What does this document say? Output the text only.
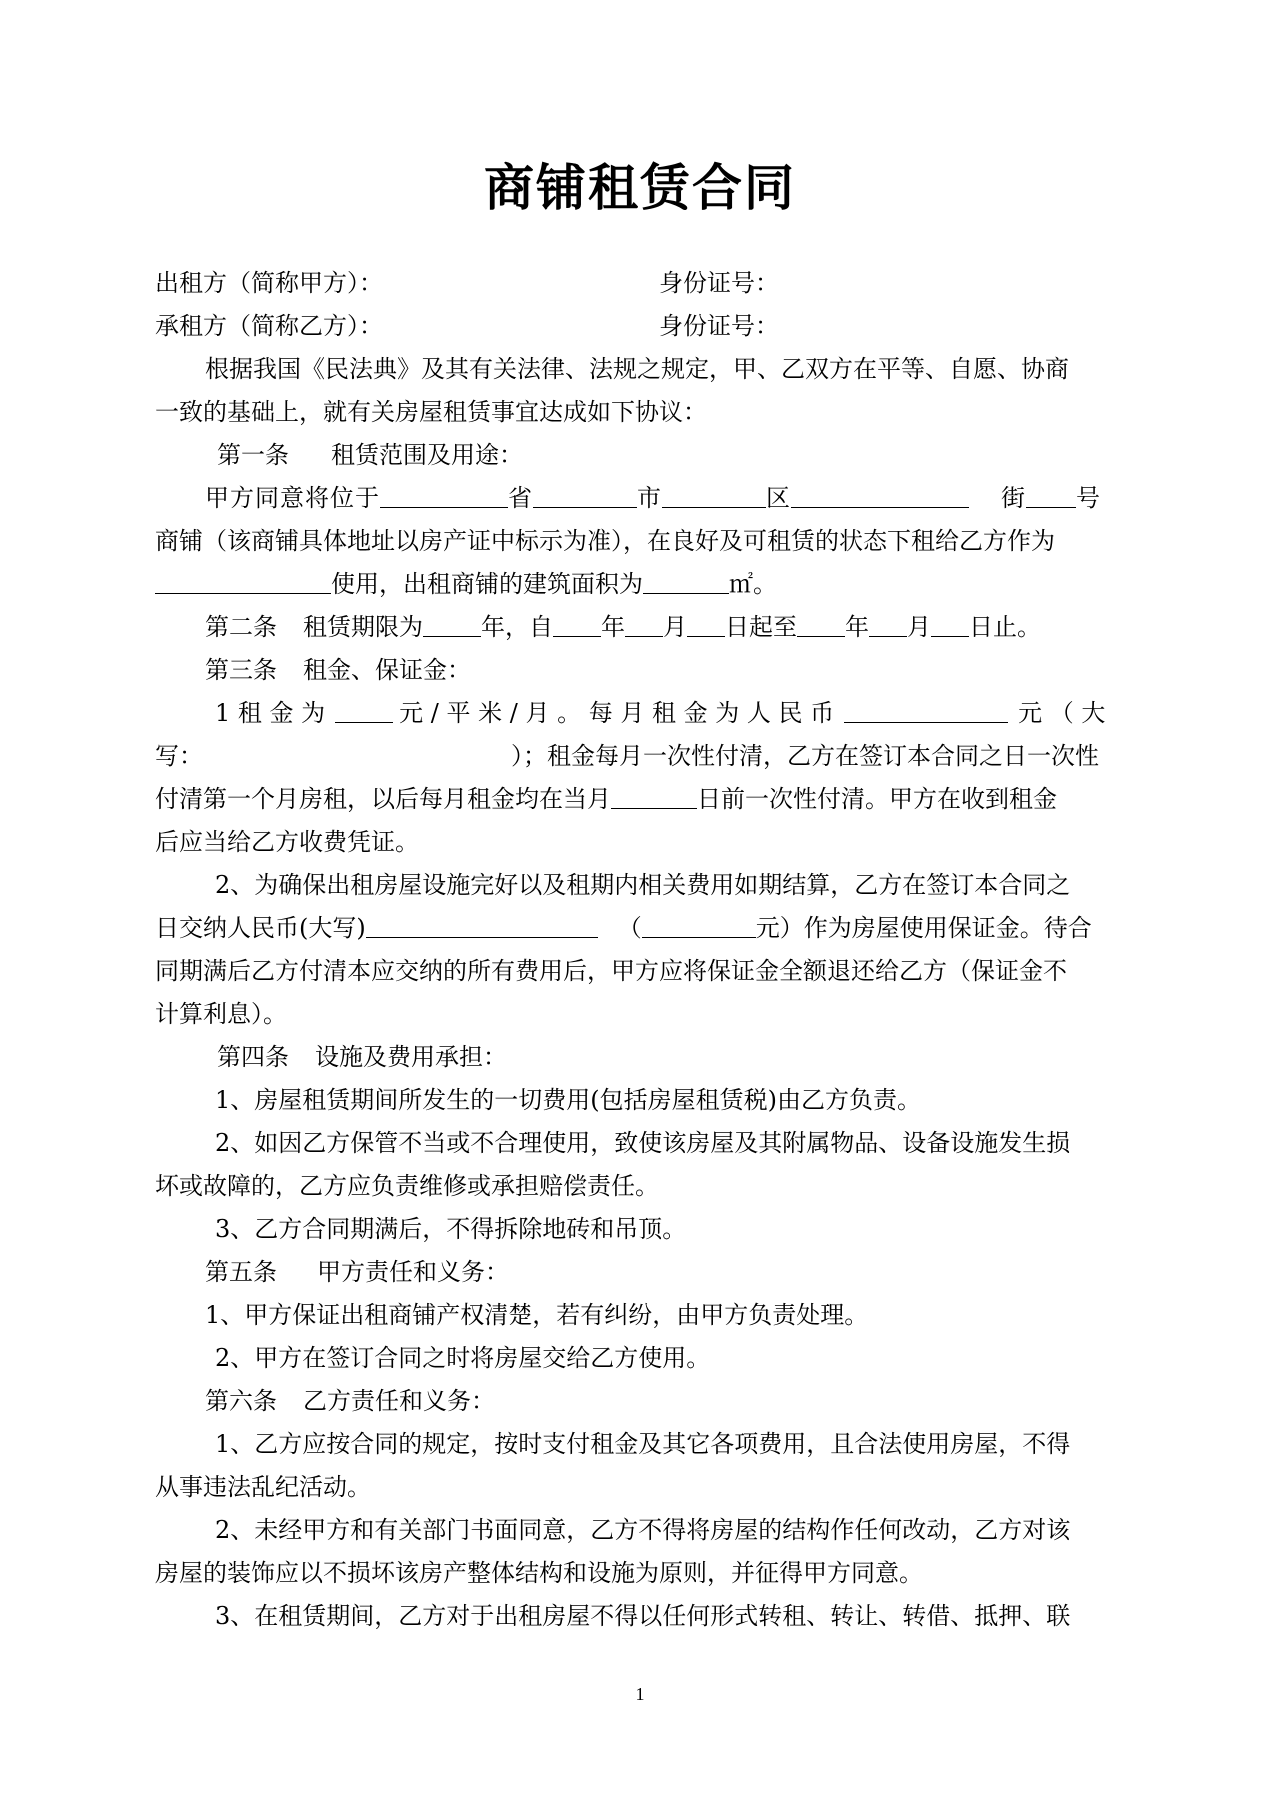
商铺租赁合同
出租方（简称甲方）：	身份证号：
承租方（简称乙方）：	身份证号：
根据我国《民法典》及其有关法律、法规之规定，甲、乙双方在平等、自愿、协商
一致的基础上，就有关房屋租赁事宜达成如下协议：
第一条 租赁范围及用途：
甲方同意将位于	省	市	区	街 号
商铺（该商铺具体地址以房产证中标示为准），在良好及可租赁的状态下租给乙方作为
使用，出租商铺的建筑面积为	㎡。
第二条 租赁期限为 年，自 年 月 日起至 年 月 日止。
第三条 租金、保证金：
1 租 金 为	元 / 平 米 / 月 。 每 月 租 金 为 人 民 币	元 （ 大
写：	）；租金每月一次性付清，乙方在签订本合同之日一次性
付清第一个月房租，以后每月租金均在当月	日前一次性付清。甲方在收到租金
后应当给乙方收费凭证。
2、为确保出租房屋设施完好以及租期内相关费用如期结算，乙方在签订本合同之
日交纳人民币(大写)	（	元）作为房屋使用保证金。待合
同期满后乙方付清本应交纳的所有费用后，甲方应将保证金全额退还给乙方（保证金不
计算利息）。
第四条 设施及费用承担：
1、房屋租赁期间所发生的一切费用(包括房屋租赁税)由乙方负责。
2、如因乙方保管不当或不合理使用，致使该房屋及其附属物品、设备设施发生损
坏或故障的，乙方应负责维修或承担赔偿责任。
3、乙方合同期满后，不得拆除地砖和吊顶。
第五条 甲方责任和义务：
1、甲方保证出租商铺产权清楚，若有纠纷，由甲方负责处理。
2、甲方在签订合同之时将房屋交给乙方使用。
第六条 乙方责任和义务：
1、乙方应按合同的规定，按时支付租金及其它各项费用，且合法使用房屋，不得
从事违法乱纪活动。
2、未经甲方和有关部门书面同意，乙方不得将房屋的结构作任何改动，乙方对该
房屋的装饰应以不损坏该房产整体结构和设施为原则，并征得甲方同意。
3、在租赁期间，乙方对于出租房屋不得以任何形式转租、转让、转借、抵押、联
1
